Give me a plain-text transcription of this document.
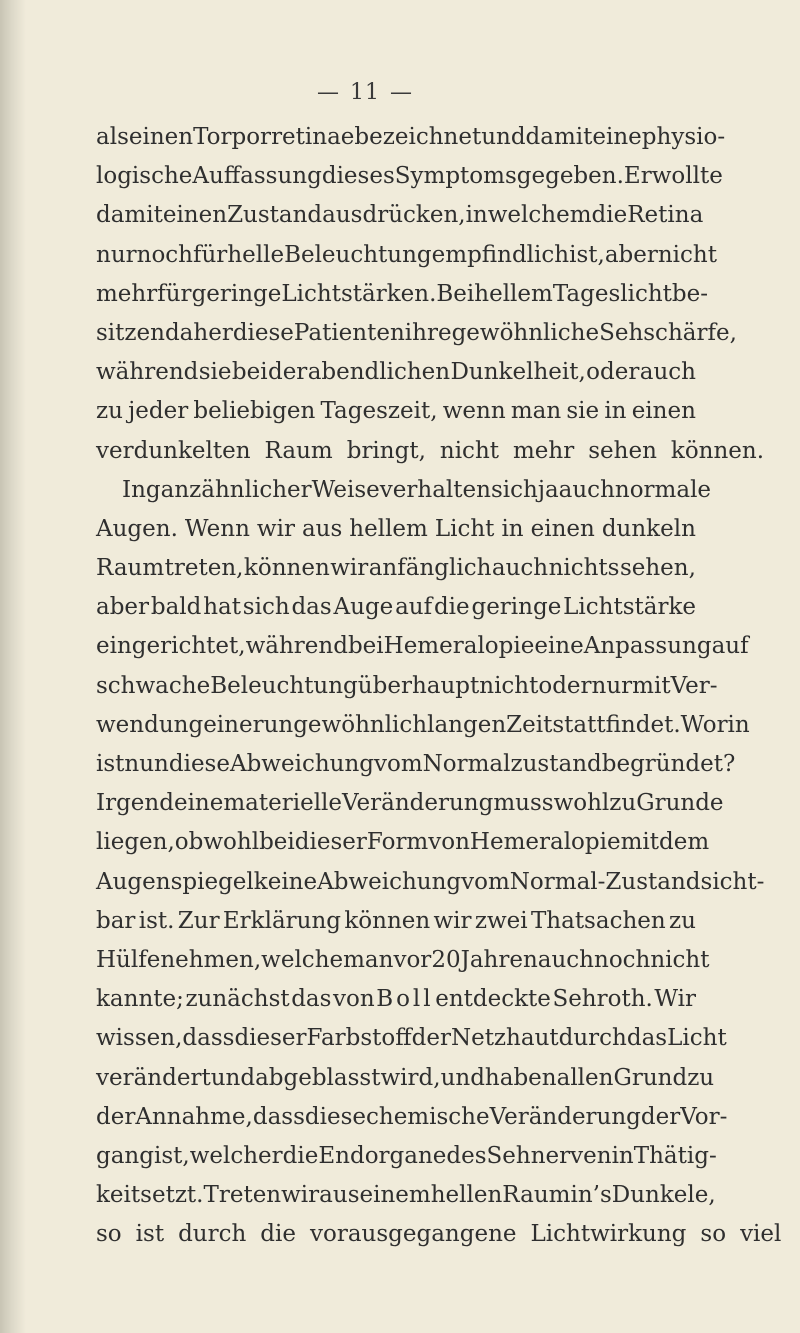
— 11 —
als einen Torpor retinae bezeichnet und damit eine physio-
logische Auffassung dieses Symptoms gegeben. Er wollte
damit einen Zustand ausdrücken, in welchem die Retina
nur noch für helle Beleuchtung empfindlich ist, aber nicht
mehr für geringe Lichtstärken. Bei hellem Tageslicht be-
sitzen daher diese Patienten ihre gewöhnliche Sehschärfe,
während sie bei der abendlichen Dunkelheit, oder auch
zu jeder beliebigen Tageszeit, wenn man sie in einen
verdunkelten Raum bringt, nicht mehr sehen können.
In ganz ähnlicher Weise verhalten sich ja auch normale
Augen. Wenn wir aus hellem Licht in einen dunkeln
Raum treten, können wir anfänglich auch nichts sehen,
aber bald hat sich das Auge auf die geringe Lichtstärke
eingerichtet, während bei Hemeralopie eine Anpassung auf
schwache Beleuchtung überhaupt nicht oder nur mit Ver-
wendung einer ungewöhnlich langen Zeit stattfindet. Worin
ist nun diese Abweichung vom Normalzustand begründet?
Irgend eine materielle Veränderung muss wohl zu Grunde
liegen, obwohl bei dieser Form von Hemeralopie mit dem
Augenspiegel keine Abweichung vom Normal-Zustand sicht-
bar ist. Zur Erklärung können wir zwei Thatsachen zu
Hülfe nehmen, welche man vor 20 Jahren auch noch nicht
kannte; zunächst das von Boll entdeckte Sehroth. Wir
wissen, dass dieser Farbstoff der Netzhaut durch das Licht
verändert und abgeblasst wird, und haben allen Grund zu
der Annahme, dass diese chemische Veränderung der Vor-
gang ist, welcher die Endorgane des Sehnerven in Thätig-
keit setzt. Treten wir aus einem hellen Raum in’s Dunkele,
so ist durch die vorausgegangene Lichtwirkung so viel
